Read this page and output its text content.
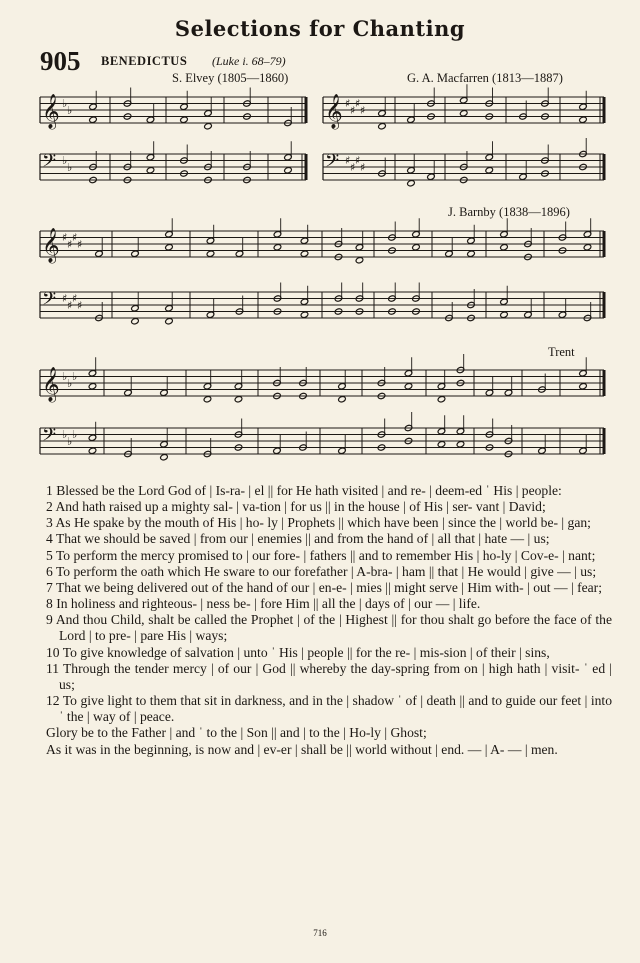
Selections for Chanting
905 BENEDICTUS (Luke i. 68–79)
S. Elvey (1805—1860)	G. A. Macfarren (1813—1887)
J. Barnby (1838—1896)
Trent
𝄞 ♭
♭
𝄢 ♭
♭
𝄞 ♯
♯
♯
♯
𝄢 ♯
♯
♯
♯
𝄞 ♯
♯
♯
♯
𝄢 ♯
♯
♯
♯
𝄞 ♭
♭
♭
𝄢 ♭
♭
♭
1 Blessed be the Lord God of | Is-ra- | el || for He hath visited | and re- | deem-ed ˈ His | people:
2 And hath raised up a mighty sal- | va-tion | for us || in the house | of His | ser- vant | David;
3 As He spake by the mouth of His | ho- ly | Prophets || which have been | since the | world be- | gan;
4 That we should be saved | from our | enemies || and from the hand of | all that | hate — | us;
5 To perform the mercy promised to | our fore- | fathers || and to remember His | ho-ly | Cov-e- | nant;
6 To perform the oath which He sware to our forefather | A-bra- | ham || that | He would | give — | us;
7 That we being delivered out of the hand of our | en-e- | mies || might serve | Him with- | out — | fear;
8 In holiness and righteous- | ness be- | fore Him || all the | days of | our — | life.
9 And thou Child, shalt be called the Prophet | of the | Highest || for thou shalt go before the face of the Lord | to pre- | pare His | ways;
10 To give knowledge of salvation | unto ˈ His | people || for the re- | mis-sion | of their | sins,
11 Through the tender mercy | of our | God || whereby the day-spring from on | high hath | visit- ˈ ed | us;
12 To give light to them that sit in darkness, and in the | shadow ˈ of | death || and to guide our feet | into ˈ the | way of | peace.
Glory be to the Father | and ˈ to the | Son || and | to the | Ho-ly | Ghost;
As it was in the beginning, is now and | ev-er | shall be || world without | end. — | A- — | men.
716
